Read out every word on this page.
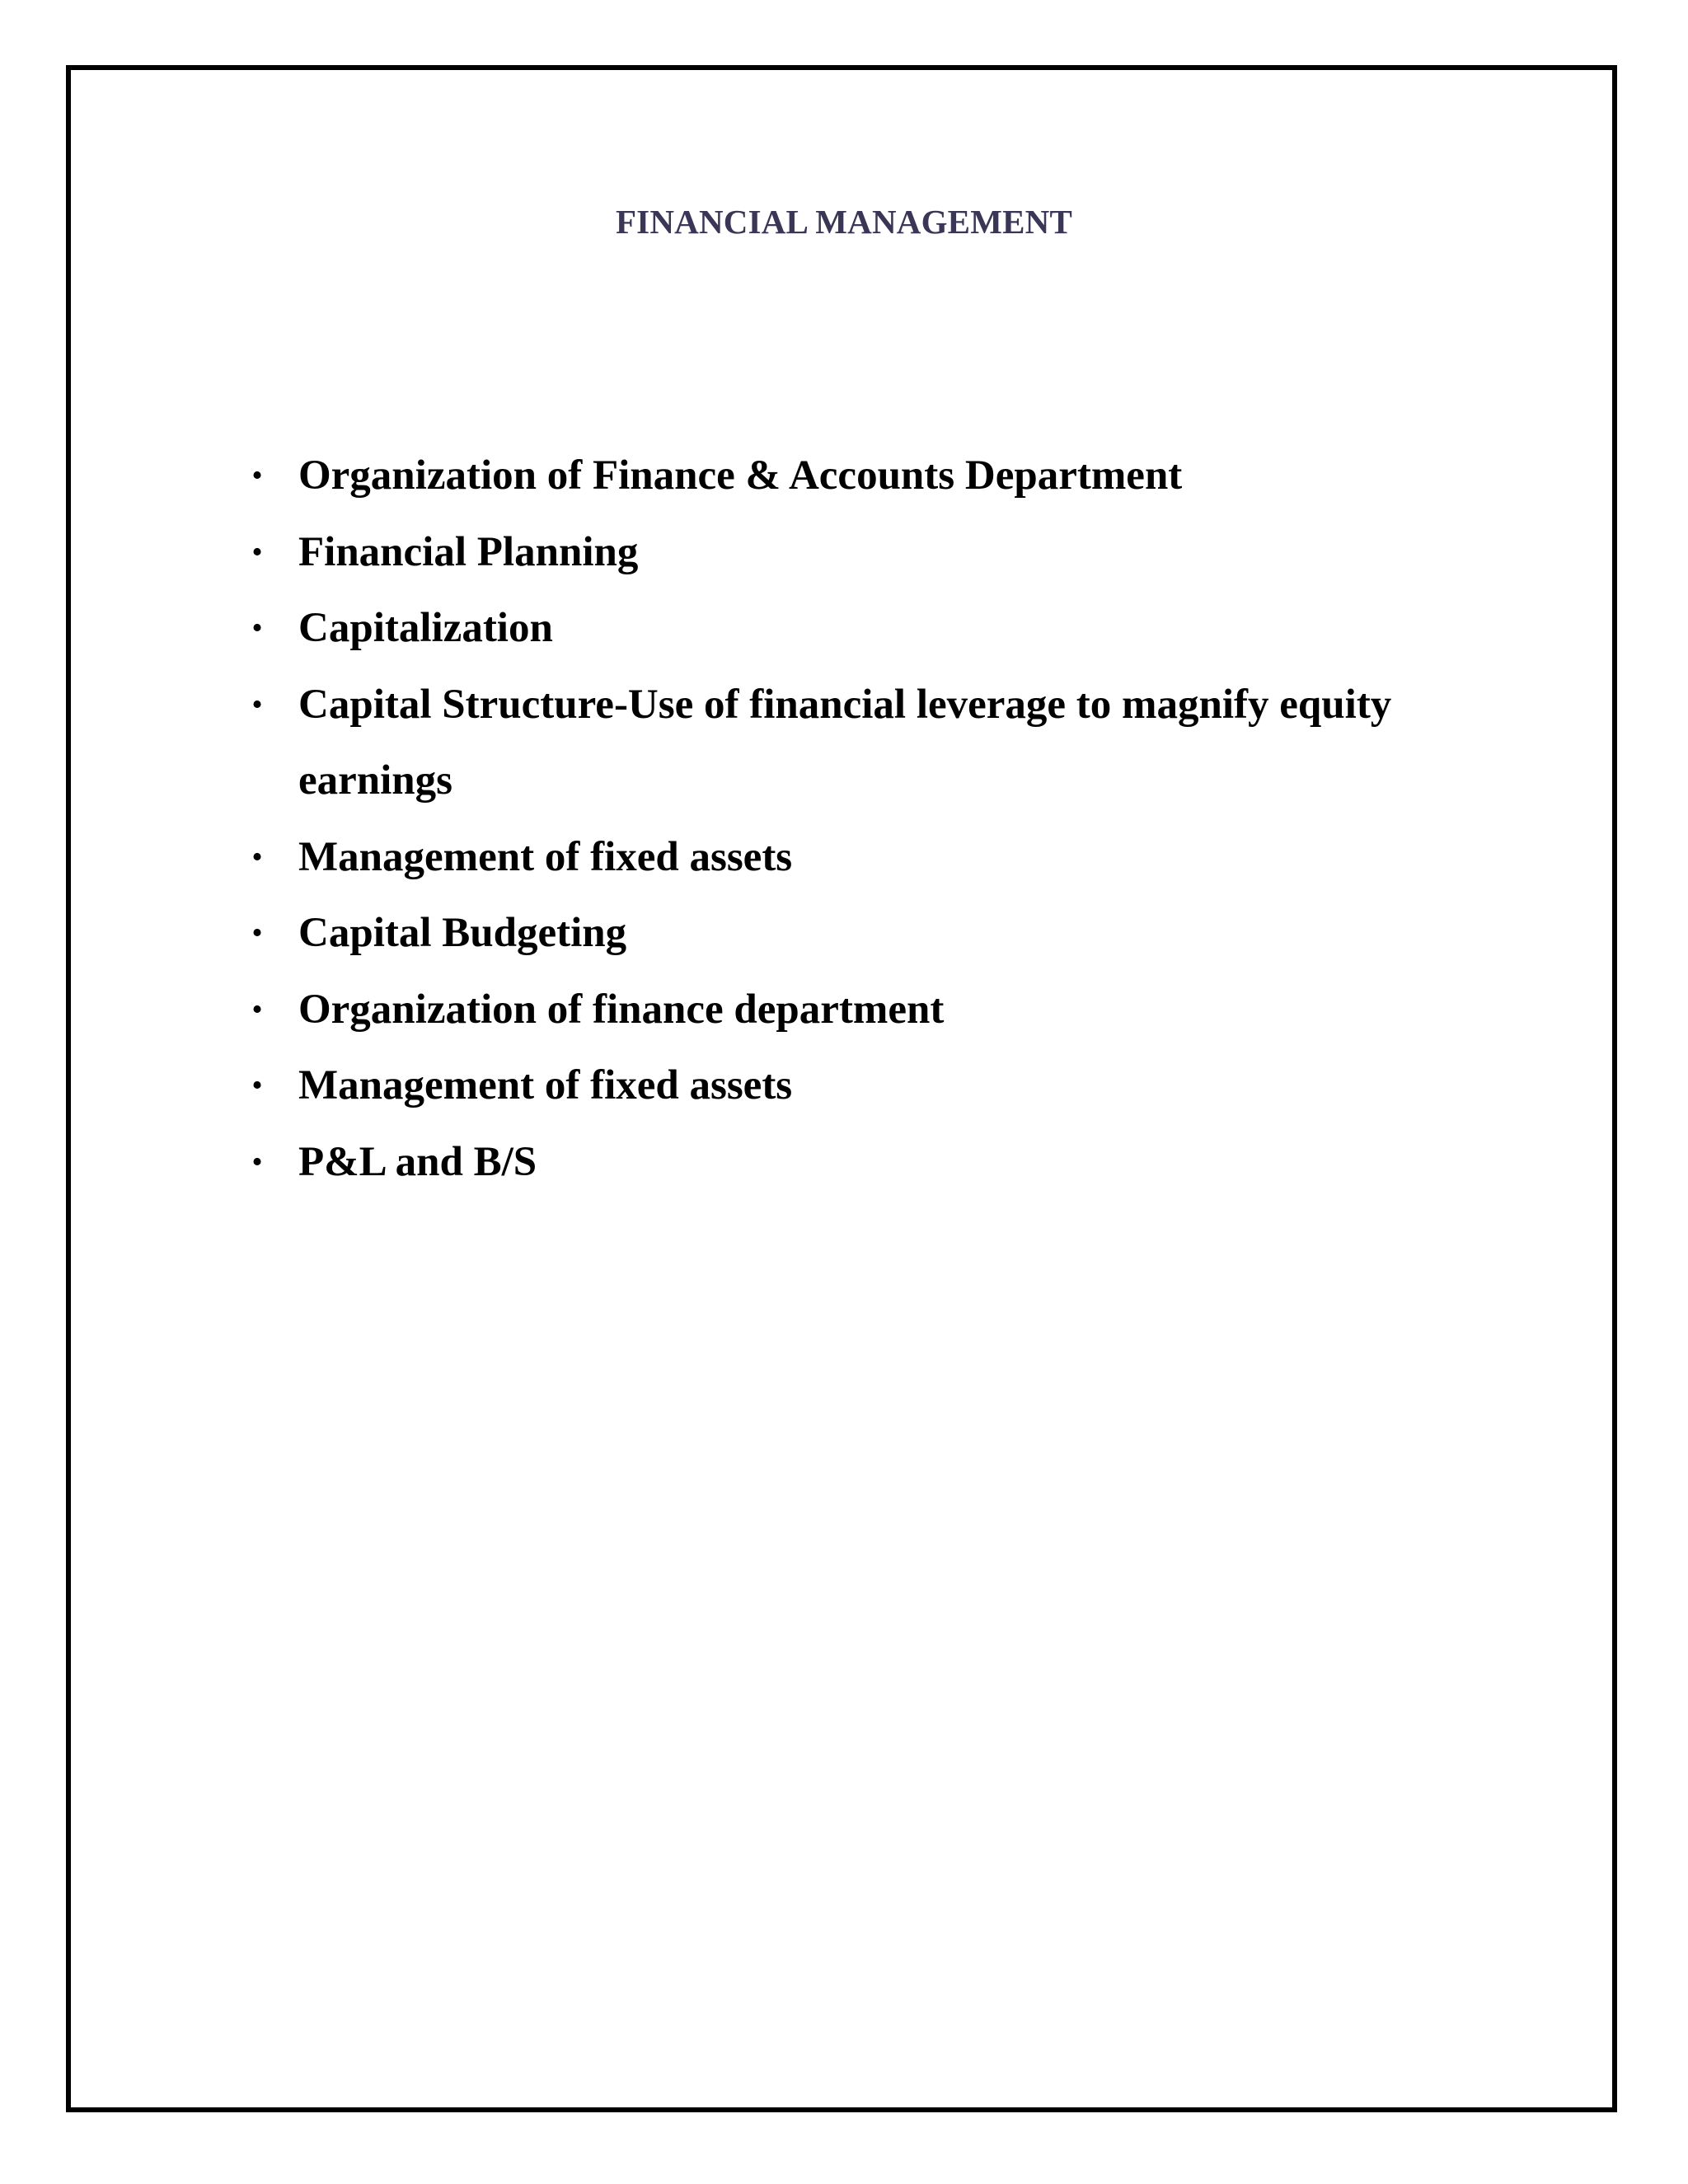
FINANCIAL MANAGEMENT
• Organization of Finance & Accounts Department
• Financial Planning
• Capitalization
• Capital Structure-Use of financial leverage to magnify equity earnings
• Management of fixed assets
• Capital Budgeting
• Organization of finance department
• Management of fixed assets
• P&L and B/S
